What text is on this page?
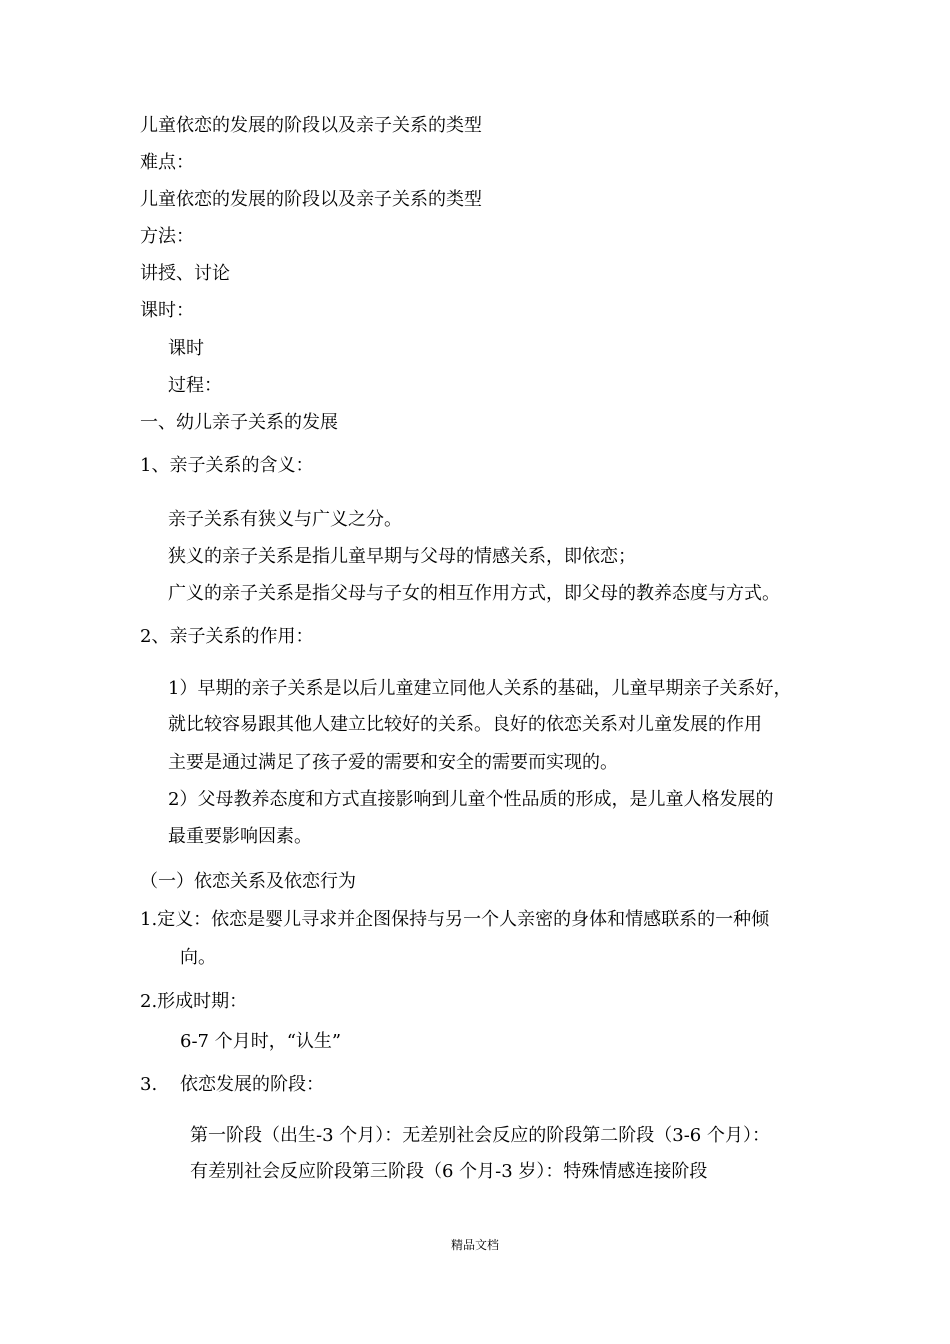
儿童依恋的发展的阶段以及亲子关系的类型
难点：
儿童依恋的发展的阶段以及亲子关系的类型
方法：
讲授、讨论
课时：
课时
过程：
一、幼儿亲子关系的发展
1、亲子关系的含义：
亲子关系有狭义与广义之分。
狭义的亲子关系是指儿童早期与父母的情感关系，即依恋；
广义的亲子关系是指父母与子女的相互作用方式，即父母的教养态度与方式。
2、亲子关系的作用：
1）早期的亲子关系是以后儿童建立同他人关系的基础，儿童早期亲子关系好，
就比较容易跟其他人建立比较好的关系。良好的依恋关系对儿童发展的作用
主要是通过满足了孩子爱的需要和安全的需要而实现的。
2）父母教养态度和方式直接影响到儿童个性品质的形成，是儿童人格发展的
最重要影响因素。
（一）依恋关系及依恋行为
1.定义：依恋是婴儿寻求并企图保持与另一个人亲密的身体和情感联系的一种倾
向。
2.形成时期：
6-7 个月时，“认生”
3. 依恋发展的阶段：
第一阶段（出生-3 个月）：无差别社会反应的阶段第二阶段（3-6 个月）：
有差别社会反应阶段第三阶段（6 个月-3 岁）：特殊情感连接阶段
精品文档
